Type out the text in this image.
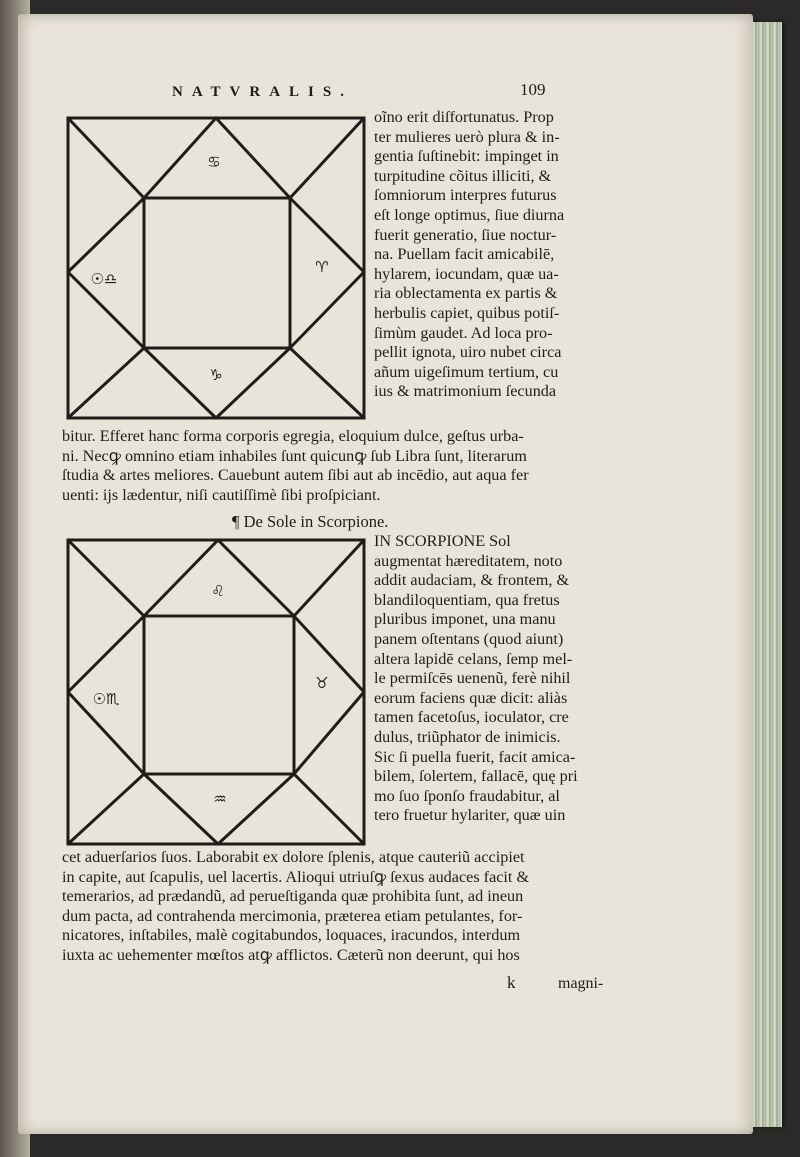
NATVRALIS.	109
♋
☉♎
♈
♑
oĩno erit diſfortunatus. Prop
ter mulieres uerò plura & in-
gentia ſuſtinebit: impinget in
turpitudine cõitus illiciti, &
ſomniorum interpres futurus
eſt longe optimus, ſiue diurna
fuerit generatio, ſiue noctur-
na. Puellam facit amicabilē,
hylarem, iocundam, quæ ua-
ria oblectamenta ex partis &
herbulis capiet, quibus potiſ-
ſimùm gaudet. Ad loca pro-
pellit ignota, uiro nubet circa
añum uigeſimum tertium, cu
ius & matrimonium ſecunda
bitur. Efferet hanc forma corporis egregia, eloquium dulce, geſtus urba-
ni. Necꝙ omnino etiam inhabiles ſunt quicunꝙ ſub Libra ſunt, literarum
ſtudia & artes meliores. Cauebunt autem ſibi aut ab incēdio, aut aqua fer
uenti: ijs lædentur, niſi cautiſſimè ſibi proſpiciant.
¶ De Sole in Scorpione.
♌
☉♏
♉
♒
IN SCORPIONE Sol
augmentat hæreditatem, noto
addit audaciam, & frontem, &
blandiloquentiam, qua fretus
pluribus imponet, una manu
panem oſtentans (quod aiunt)
altera lapidē celans, ſemp mel-
le permiſcēs uenenũ, ferè nihil
eorum faciens quæ dicit: aliàs
tamen facetoſus, ioculator, cre
dulus, triũphator de inimicis.
Sic ſi puella fuerit, facit amica-
bilem, ſolertem, fallacē, quę pri
mo ſuo ſponſo fraudabitur, al
tero fruetur hylariter, quæ uin
cet aduerſarios ſuos. Laborabit ex dolore ſplenis, atque cauteriũ accipiet
in capite, aut ſcapulis, uel lacertis. Alioqui utriuſꝙ ſexus audaces facit &
temerarios, ad prædandũ, ad perueſtiganda quæ prohibita ſunt, ad ineun
dum pacta, ad contrahenda mercimonia, præterea etiam petulantes, for-
nicatores, inſtabiles, malè cogitabundos, loquaces, iracundos, interdum
iuxta ac uehementer mœſtos atꝙ afflictos. Cæterũ non deerunt, qui hos
k	magni-
